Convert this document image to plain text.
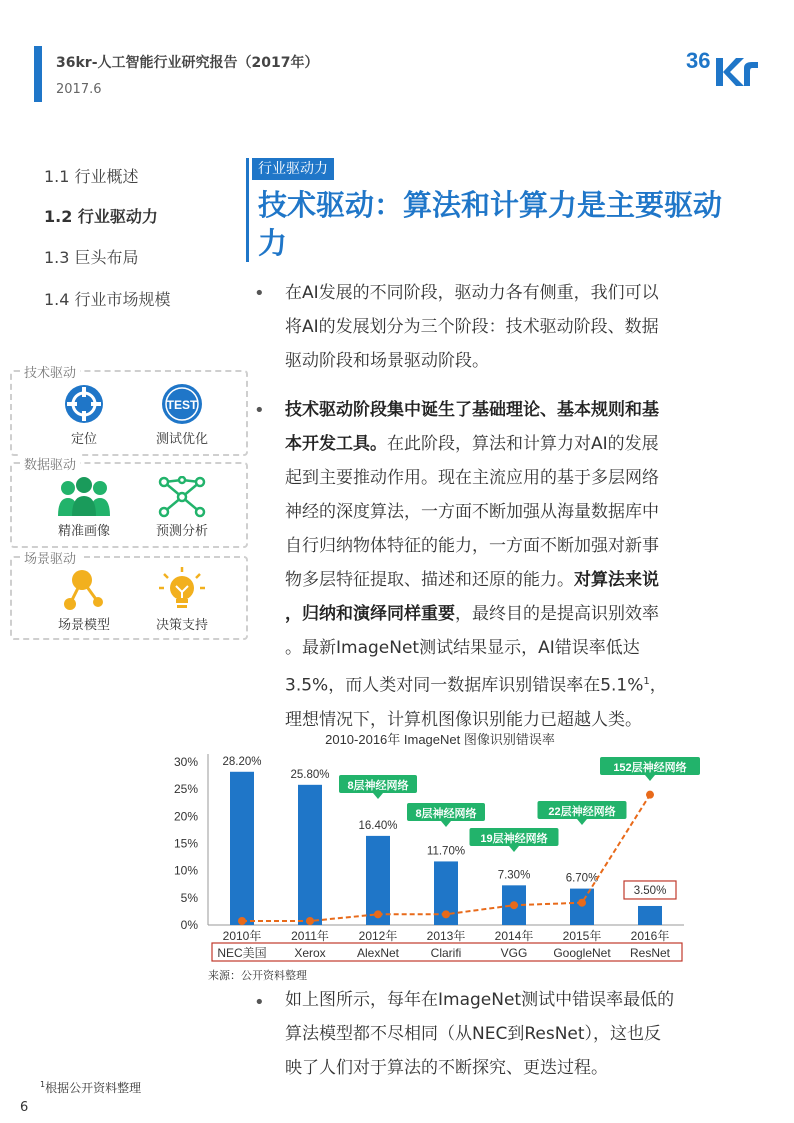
36kr-人工智能行业研究报告（2017年）
2017.6
36
1.1 行业概述
1.2 行业驱动力
1.3 巨头布局
1.4 行业市场规模
行业驱动力
技术驱动：算法和计算力是主要驱动力
技术驱动
定位
TEST
测试优化
数据驱动
精准画像	预测分析
场景驱动
场景模型	决策支持
• 在AI发展的不同阶段，驱动力各有侧重，我们可以
将AI的发展划分为三个阶段：技术驱动阶段、数据
驱动阶段和场景驱动阶段。
• 技术驱动阶段集中诞生了基础理论、基本规则和基
本开发工具。在此阶段，算法和计算力对AI的发展
起到主要推动作用。现在主流应用的基于多层网络
神经的深度算法，一方面不断加强从海量数据库中
自行归纳物体特征的能力，一方面不断加强对新事
物多层特征提取、描述和还原的能力。对算法来说
，归纳和演绎同样重要，最终目的是提高识别效率
。最新ImageNet测试结果显示，AI错误率低达
3.5%，而人类对同一数据库识别错误率在5.1%$^1$，
理想情况下，计算机图像识别能力已超越人类。
2010-2016年 ImageNet 图像识别错误率
0%
5%
10%
15%
20%
25%
30% 28.20%
25.80%
16.40%
11.70%
7.30%	6.70%
3.50%
8层神经网络
8层神经网络
19层神经网络
22层神经网络
152层神经网络
2010年 2011年 2012年 2013年 2014年 2015年 2016年
NEC美国 Xerox	AlexNet	Clarifi	VGG GoogleNet ResNet
来源：公开资料整理
• 如上图所示，每年在ImageNet测试中错误率最低的
算法模型都不尽相同（从NEC到ResNet），这也反
映了人们对于算法的不断探究、更迭过程。
$^1$根据公开资料整理
6
